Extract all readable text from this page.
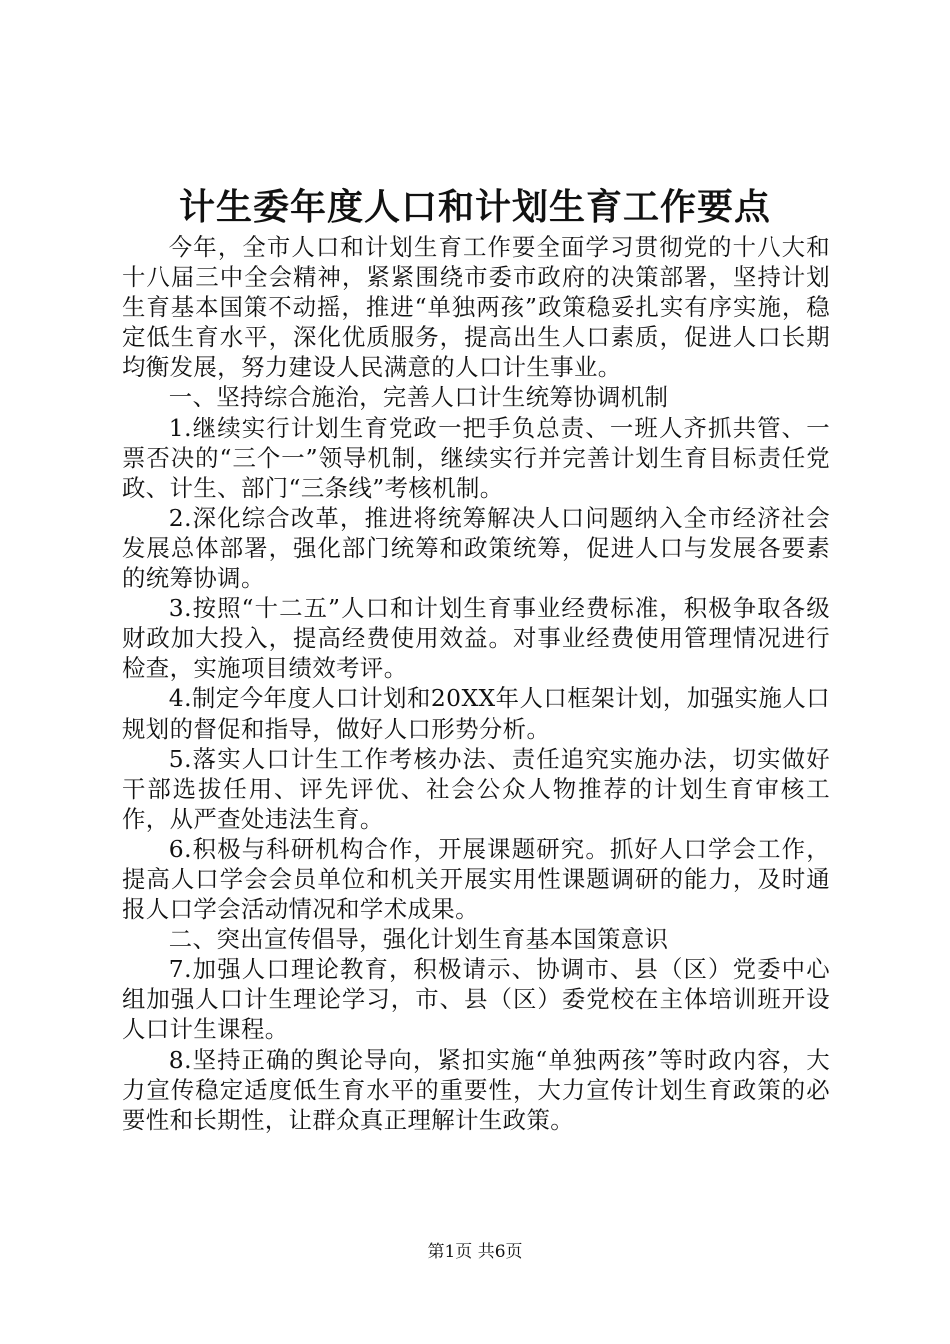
计生委年度人口和计划生育工作要点

今年，全市人口和计划生育工作要全面学习贯彻党的十八大和十八届三中全会精神，紧紧围绕市委市政府的决策部署，坚持计划生育基本国策不动摇，推进“单独两孩”政策稳妥扎实有序实施，稳定低生育水平，深化优质服务，提高出生人口素质，促进人口长期均衡发展，努力建设人民满意的人口计生事业。

一、坚持综合施治，完善人口计生统筹协调机制

1.继续实行计划生育党政一把手负总责、一班人齐抓共管、一票否决的“三个一”领导机制，继续实行并完善计划生育目标责任党政、计生、部门“三条线”考核机制。

2.深化综合改革，推进将统筹解决人口问题纳入全市经济社会发展总体部署，强化部门统筹和政策统筹，促进人口与发展各要素的统筹协调。

3.按照“十二五”人口和计划生育事业经费标准，积极争取各级财政加大投入，提高经费使用效益。对事业经费使用管理情况进行检查，实施项目绩效考评。

4.制定今年度人口计划和20XX年人口框架计划，加强实施人口规划的督促和指导，做好人口形势分析。

5.落实人口计生工作考核办法、责任追究实施办法，切实做好干部选拔任用、评先评优、社会公众人物推荐的计划生育审核工作，从严查处违法生育。

6.积极与科研机构合作，开展课题研究。抓好人口学会工作，提高人口学会会员单位和机关开展实用性课题调研的能力，及时通报人口学会活动情况和学术成果。

二、突出宣传倡导，强化计划生育基本国策意识

7.加强人口理论教育，积极请示、协调市、县（区）党委中心组加强人口计生理论学习，市、县（区）委党校在主体培训班开设人口计生课程。

8.坚持正确的舆论导向，紧扣实施“单独两孩”等时政内容，大力宣传稳定适度低生育水平的重要性，大力宣传计划生育政策的必要性和长期性，让群众真正理解计生政策。

第1页 共6页
